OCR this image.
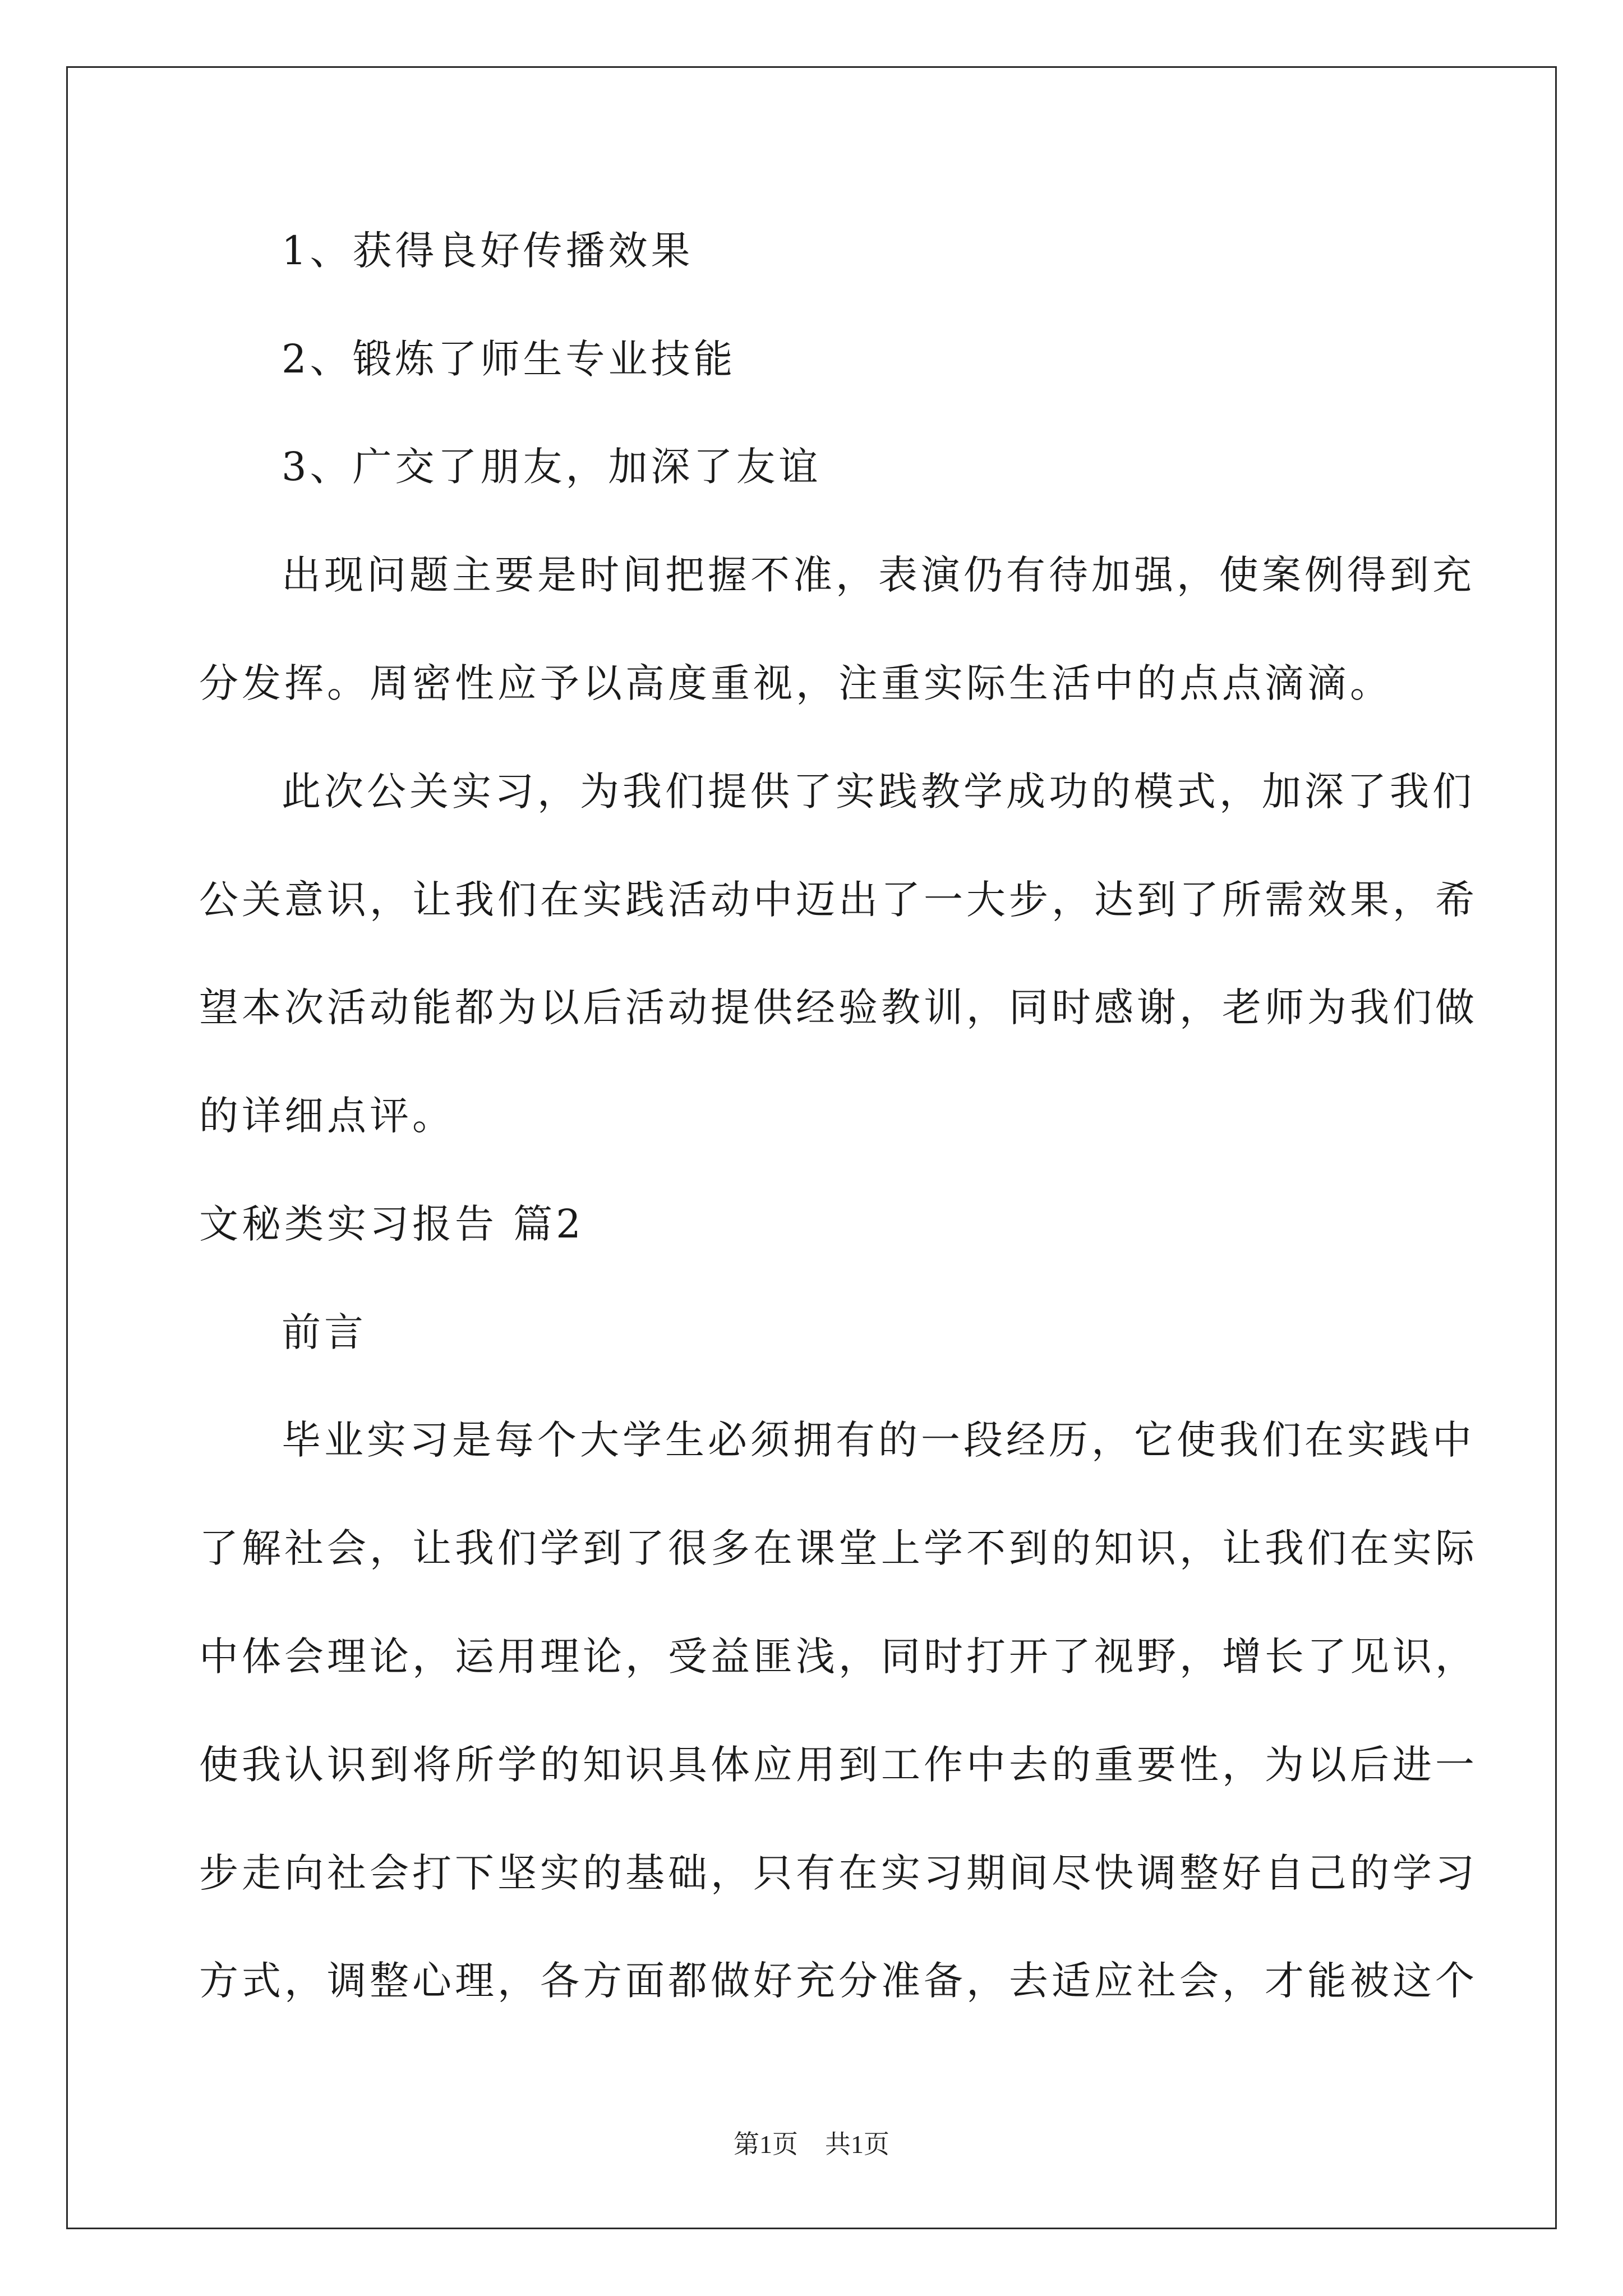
1、获得良好传播效果
2、锻炼了师生专业技能
3、广交了朋友，加深了友谊
出现问题主要是时间把握不准，表演仍有待加强，使案例得到充
分发挥。周密性应予以高度重视，注重实际生活中的点点滴滴。
此次公关实习，为我们提供了实践教学成功的模式，加深了我们
公关意识，让我们在实践活动中迈出了一大步，达到了所需效果，希
望本次活动能都为以后活动提供经验教训，同时感谢，老师为我们做
的详细点评。
文秘类实习报告 篇2
前言
毕业实习是每个大学生必须拥有的一段经历，它使我们在实践中
了解社会，让我们学到了很多在课堂上学不到的知识，让我们在实际
中体会理论，运用理论，受益匪浅，同时打开了视野，增长了见识，
使我认识到将所学的知识具体应用到工作中去的重要性，为以后进一
步走向社会打下坚实的基础，只有在实习期间尽快调整好自己的学习
方式，调整心理，各方面都做好充分准备，去适应社会，才能被这个
第1页 共1页
